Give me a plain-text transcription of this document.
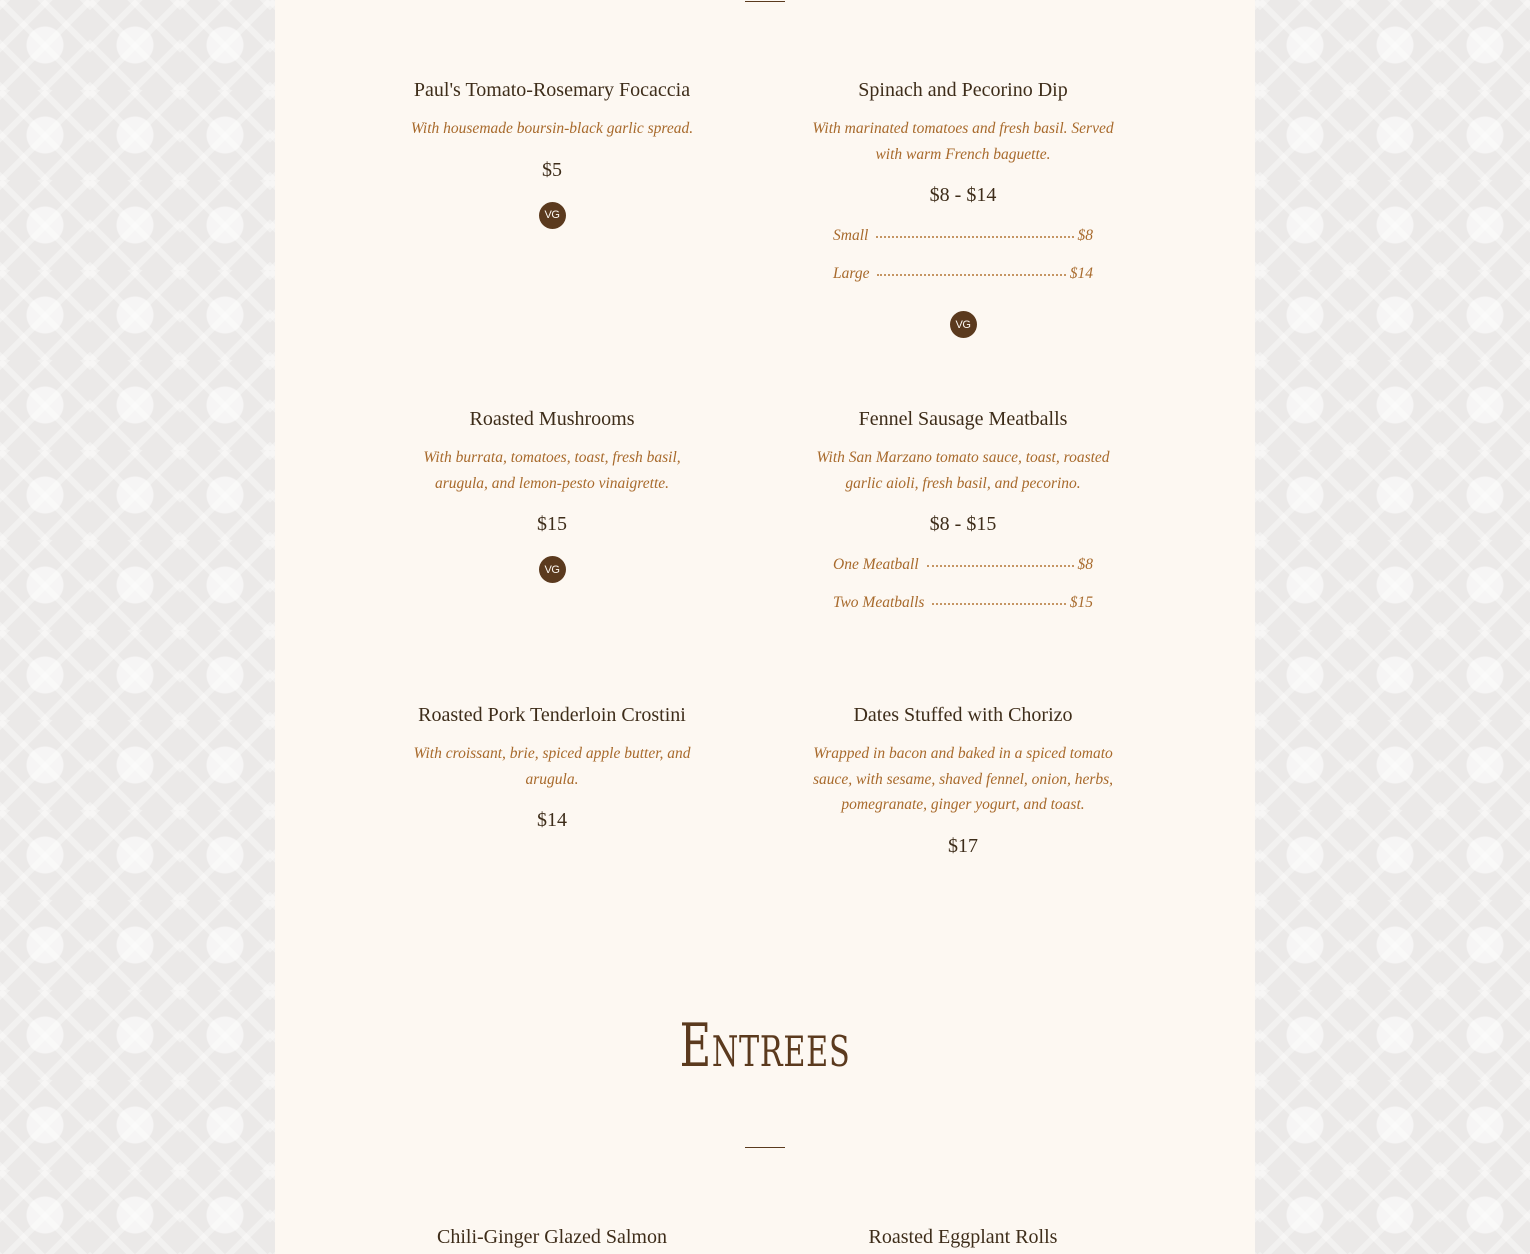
Paul's Tomato-Rosemary Focaccia
With housemade boursin-black garlic spread.
$5
VG
Spinach and Pecorino Dip
With marinated tomatoes and fresh basil. Served with warm French baguette.
$8 - $14
Small	$8
Large	$14
VG
Roasted Mushrooms
With burrata, tomatoes, toast, fresh basil, arugula, and lemon-pesto vinaigrette.
$15
VG
Fennel Sausage Meatballs
With San Marzano tomato sauce, toast, roasted garlic aioli, fresh basil, and pecorino.
$8 - $15
One Meatball	$8
Two Meatballs	$15
Roasted Pork Tenderloin Crostini
With croissant, brie, spiced apple butter, and arugula.
$14
Dates Stuffed with Chorizo
Wrapped in bacon and baked in a spiced tomato sauce, with sesame, shaved fennel, onion, herbs, pomegranate, ginger yogurt, and toast.
$17
Entrees
Chili-Ginger Glazed Salmon	Roasted Eggplant Rolls
